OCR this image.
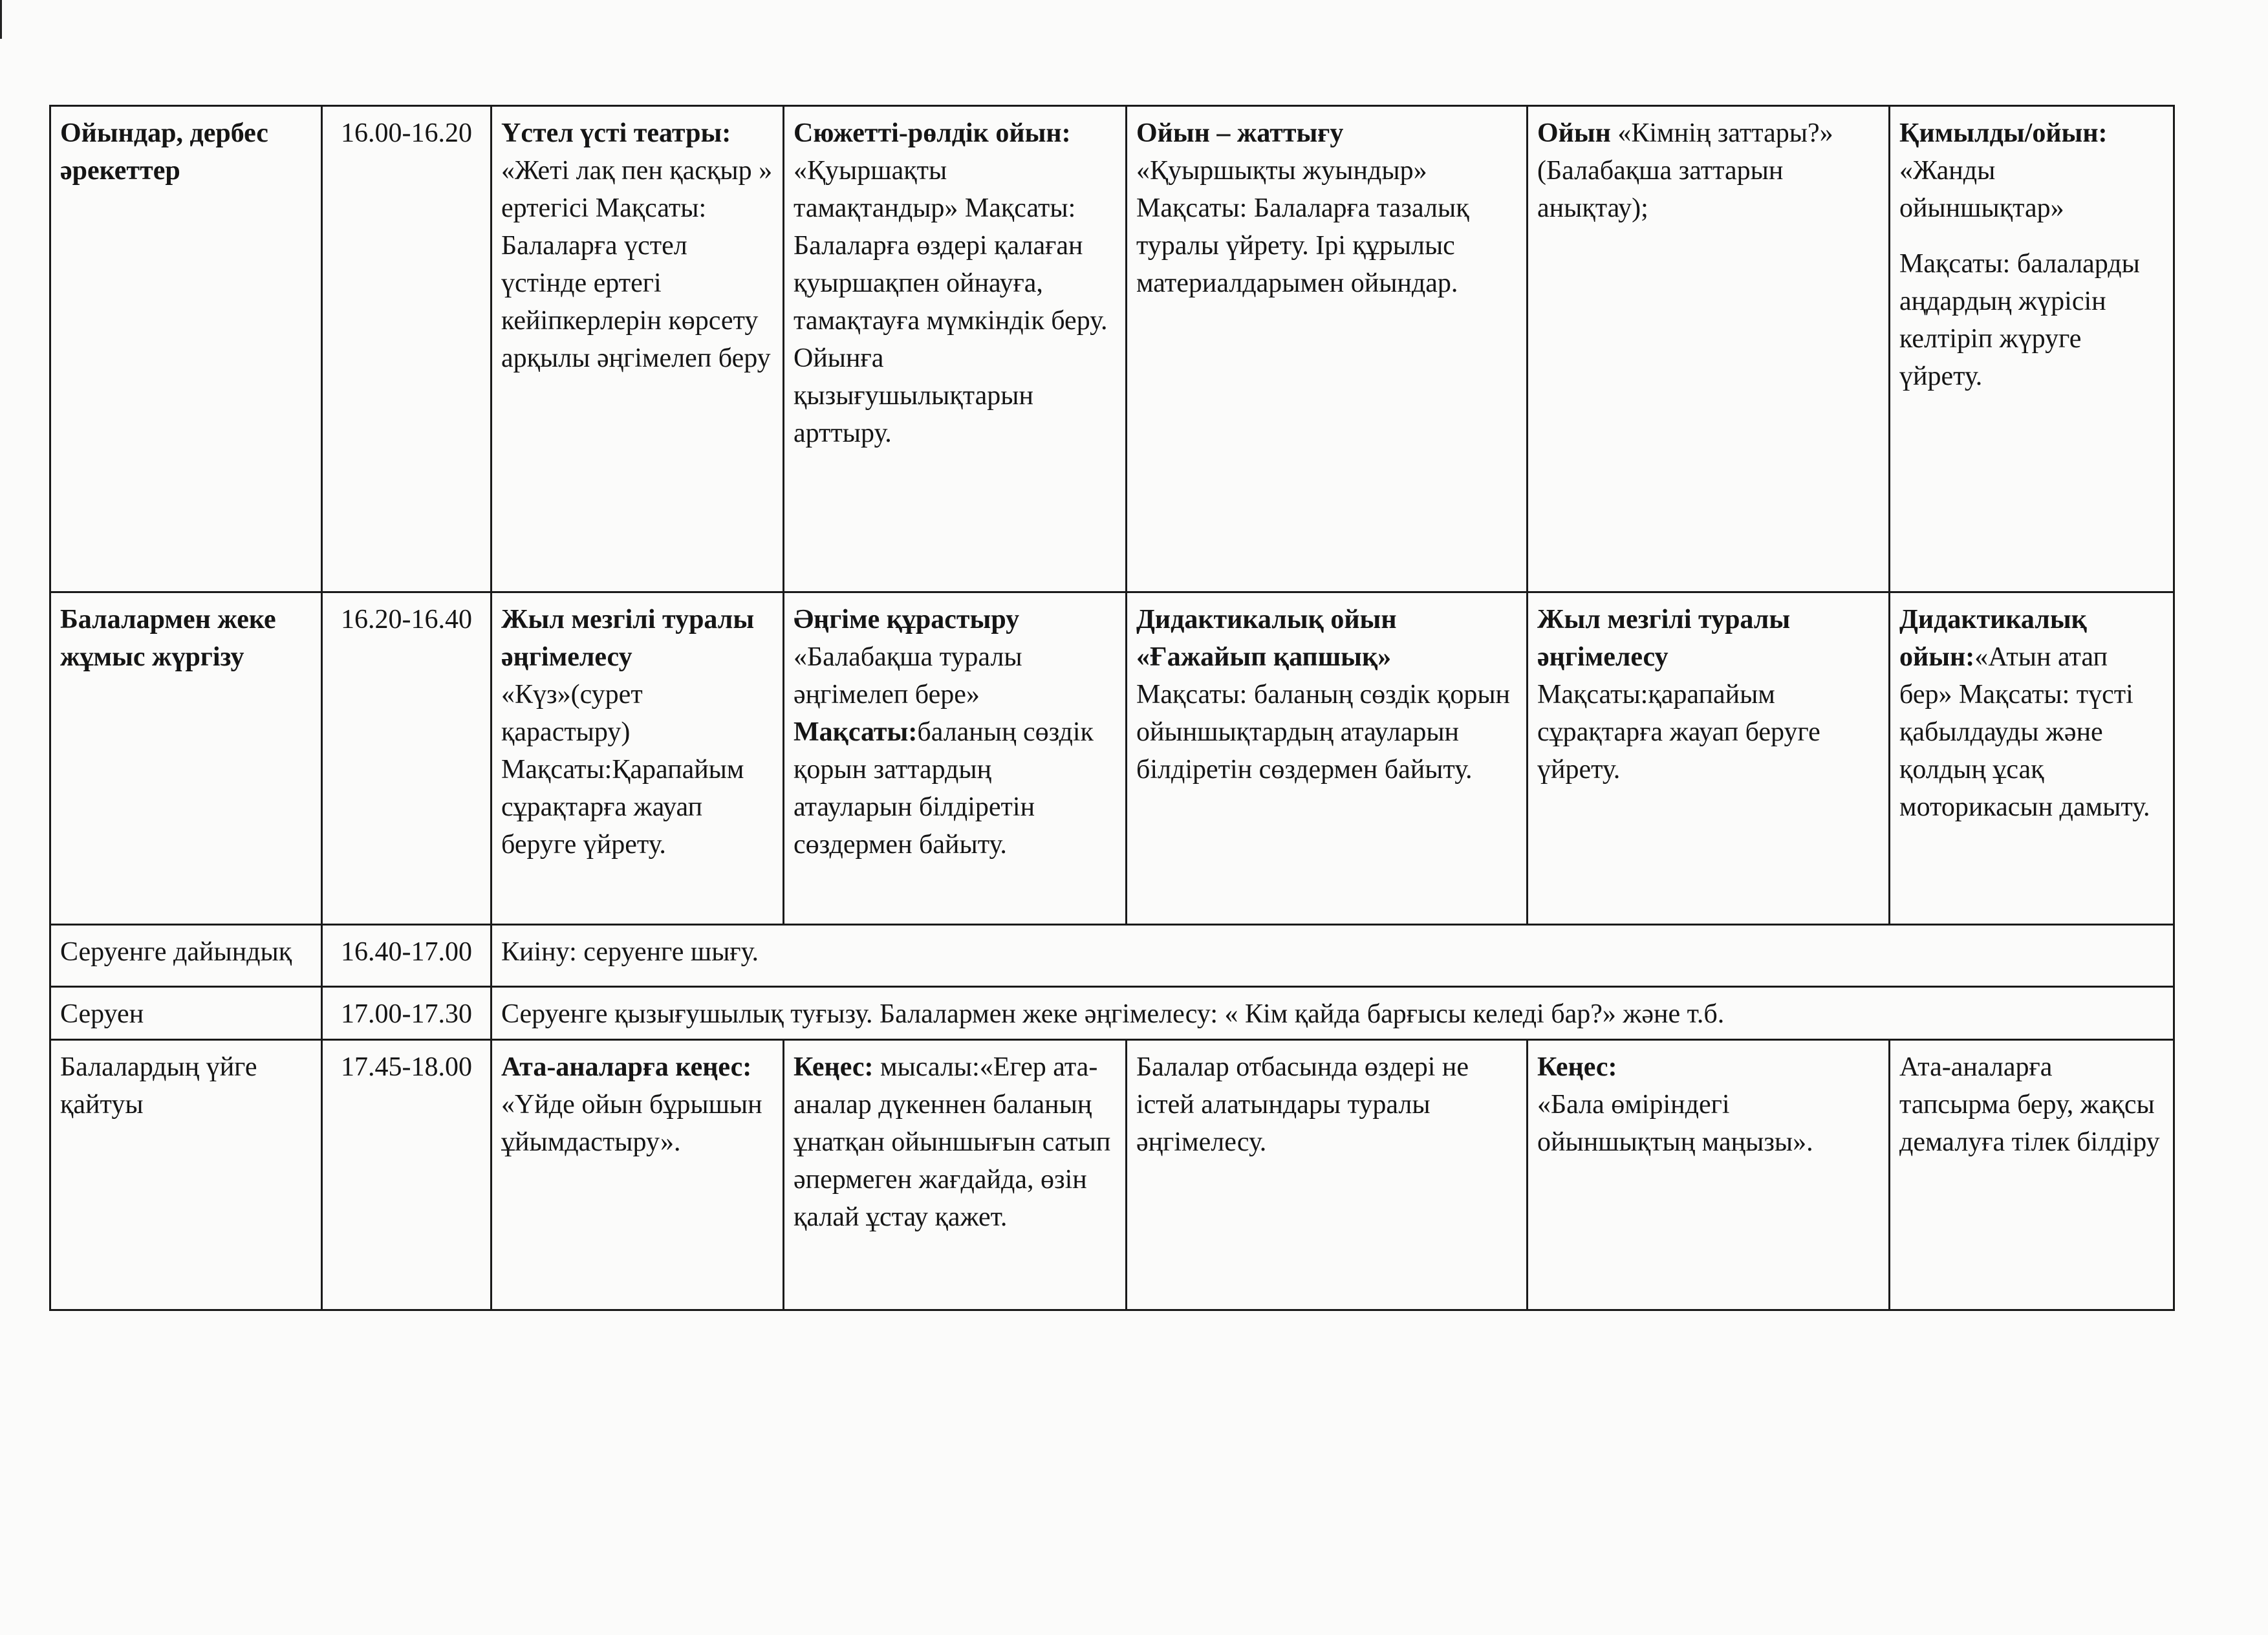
Ойындар, дербес әрекеттер	16.00-16.20	Үстел үсті театры:
«Жеті лақ пен қасқыр » ертегісі Мақсаты: Балаларға үстел үстінде ертегі кейіпкерлерін көрсету арқылы әңгімелеп беру	Сюжетті-рөлдік ойын:
«Қуыршақты тамақтандыр» Мақсаты: Балаларға өздері қалаған қуыршақпен ойнауға, тамақтауға мүмкіндік беру. Ойынға қызығушылықтарын арттыру.	Ойын – жаттығу
«Қуыршықты жуындыр» Мақсаты: Балаларға тазалық туралы үйрету. Ірі құрылыс материалдарымен ойындар.	Ойын «Кімнің заттары?» (Балабақша заттарын анықтау);	Қимылды/ойын:
«Жанды ойыншықтар»
Мақсаты: балаларды аңдардың жүрісін келтіріп жүруге үйрету.
Балалармен жеке жұмыс жүргізу	16.20-16.40	Жыл мезгілі туралы әңгімелесу
«Күз»(сурет қарастыру) Мақсаты:Қарапайым сұрақтарға жауап беруге үйрету.	Әңгіме құрастыру
«Балабақша туралы әңгімелеп бере»
Мақсаты:баланың сөздік қорын заттардың атауларын білдіретін сөздермен байыту.	Дидактикалық ойын «Ғажайып қапшық»
Мақсаты: баланың сөздік қорын ойыншықтардың атауларын білдіретін сөздермен байыту.	Жыл мезгілі туралы әңгімелесу
Мақсаты:қарапайым сұрақтарға жауап беруге үйрету.	Дидактикалық ойын:«Атын атап бер» Мақсаты: түсті қабылдауды және қолдың ұсақ моторикасын дамыту.
Серуенге дайындық	16.40-17.00	Киіну: серуенге шығу.				
Серуен	17.00-17.30	Серуенге қызығушылық туғызу. Балалармен жеке әңгімелесу: « Кім қайда барғысы келеді бар?» және т.б.				
Балалардың үйге қайтуы	17.45-18.00	Ата-аналарға кеңес:
«Үйде ойын бұрышын ұйымдастыру».	Кеңес: мысалы:«Егер ата-аналар дүкеннен баланың ұнатқан ойыншығын сатып әпермеген жағдайда, өзін қалай ұстау қажет.	Балалар отбасында өздері не істей алатындары туралы әңгімелесу.	Кеңес:
«Бала өміріндегі ойыншықтың маңызы».	Ата-аналарға тапсырма беру, жақсы демалуға тілек білдіру
